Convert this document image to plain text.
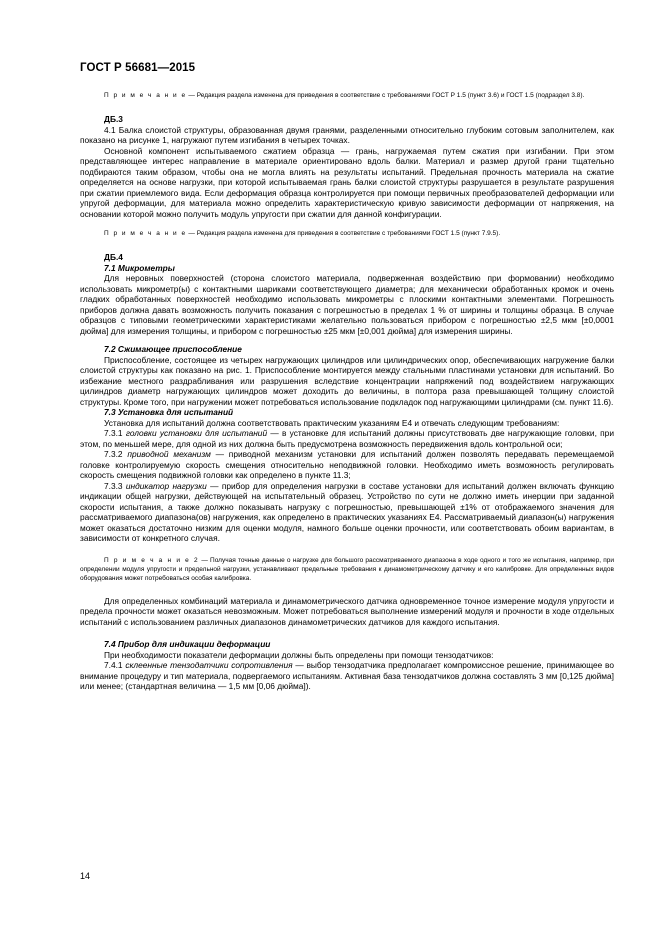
ГОСТ Р 56681—2015

П р и м е ч а н и е — Редакция раздела изменена для приведения в соответствие с требованиями ГОСТ Р 1.5 (пункт 3.6) и ГОСТ 1.5 (подраздел 3.8).

ДБ.3

4.1 Балка слоистой структуры, образованная двумя гранями, разделенными относительно глубоким сотовым заполнителем, как показано на рисунке 1, нагружают путем изгибания в четырех точках.

Основной компонент испытываемого сжатием образца — грань, нагружаемая путем сжатия при изгибании. При этом представляющее интерес направление в материале ориентировано вдоль балки. Материал и размер другой грани тщательно подбираются таким образом, чтобы она не могла влиять на результаты испытаний. Предельная прочность материала на сжатие определяется на основе нагрузки, при которой испытываемая грань балки слоистой структуры разрушается в результате разрушения при сжатии приемлемого вида. Если деформация образца контролируется при помощи первичных преобразователей деформации или упругой деформации, для материала можно определить характеристическую кривую зависимости деформации от напряжения, на основании которой можно получить модуль упругости при сжатии для данной конфигурации.

П р и м е ч а н и е — Редакция раздела изменена для приведения в соответствие с требованиями ГОСТ 1.5 (пункт 7.9.5).

ДБ.4

7.1 Микрометры

Для неровных поверхностей (сторона слоистого материала, подверженная воздействию при формовании) необходимо использовать микрометр(ы) с контактными шариками соответствующего диаметра; для механически обработанных кромок и очень гладких обработанных поверхностей необходимо использовать микрометры с плоскими контактными элементами. Погрешность приборов должна давать возможность получить показания с погрешностью в пределах 1 % от ширины и толщины образца. В случае образцов с типовыми геометрическими характеристиками желательно пользоваться прибором с погрешностью ±2,5 мкм [±0,0001 дюйма] для измерения толщины, и прибором с погрешностью ±25 мкм [±0,001 дюйма] для измерения ширины.

7.2 Сжимающее приспособление

Приспособление, состоящее из четырех нагружающих цилиндров или цилиндрических опор, обеспечивающих нагружение балки слоистой структуры как показано на рис. 1. Приспособление монтируется между стальными пластинами установки для испытаний. Во избежание местного раздрабливания или разрушения вследствие концентрации напряжений под воздействием нагружающих цилиндров диаметр нагружающих цилиндров может доходить до величины, в полтора раза превышающей толщину слоистой структуры. Кроме того, при нагружении может потребоваться использование подкладок под нагружающими цилиндрами (см. пункт 11.6).

7.3 Установка для испытаний

Установка для испытаний должна соответствовать практическим указаниям E4 и отвечать следующим требованиям:

7.3.1 головки установки для испытаний — в установке для испытаний должны присутствовать две нагружающие головки, при этом, по меньшей мере, для одной из них должна быть предусмотрена возможность передвижения вдоль контрольной оси;

7.3.2 приводной механизм — приводной механизм установки для испытаний должен позволять передавать перемещаемой головке контролируемую скорость смещения относительно неподвижной головки. Необходимо иметь возможность регулировать скорость смещения подвижной головки как определено в пункте 11.3;

7.3.3 индикатор нагрузки — прибор для определения нагрузки в составе установки для испытаний должен включать функцию индикации общей нагрузки, действующей на испытательный образец. Устройство по сути не должно иметь инерции при заданной скорости испытания, а также должно показывать нагрузку с погрешностью, превышающей ±1% от отображаемого значения для рассматриваемого диапазона(ов) нагружения, как определено в практических указаниях E4. Рассматриваемый диапазон(ы) нагружения может оказаться достаточно низким для оценки модуля, намного больше оценки прочности, или соответствовать обоим вариантам, в зависимости от конкретного случая.

П р и м е ч а н и е 2 — Получая точные данные о нагрузке для большого рассматриваемого диапазона в ходе одного и того же испытания, например, при определении модуля упругости и предельной нагрузки, устанавливают предельные требования к динамометрическому датчику и его калибровке. Для определенных видов оборудования может потребоваться особая калибровка.

Для определенных комбинаций материала и динамометрического датчика одновременное точное измерение модуля упругости и предела прочности может оказаться невозможным. Может потребоваться выполнение измерений модуля и прочности в ходе отдельных испытаний с использованием различных диапазонов динамометрических датчиков для каждого испытания.

7.4 Прибор для индикации деформации

При необходимости показатели деформации должны быть определены при помощи тензодатчиков:

7.4.1 склеенные тензодатчики сопротивления — выбор тензодатчика предполагает компромиссное решение, принимающее во внимание процедуру и тип материала, подвергаемого испытаниям. Активная база тензодатчиков должна составлять 3 мм [0,125 дюйма] или менее; (стандартная величина — 1,5 мм [0,06 дюйма]).

14
